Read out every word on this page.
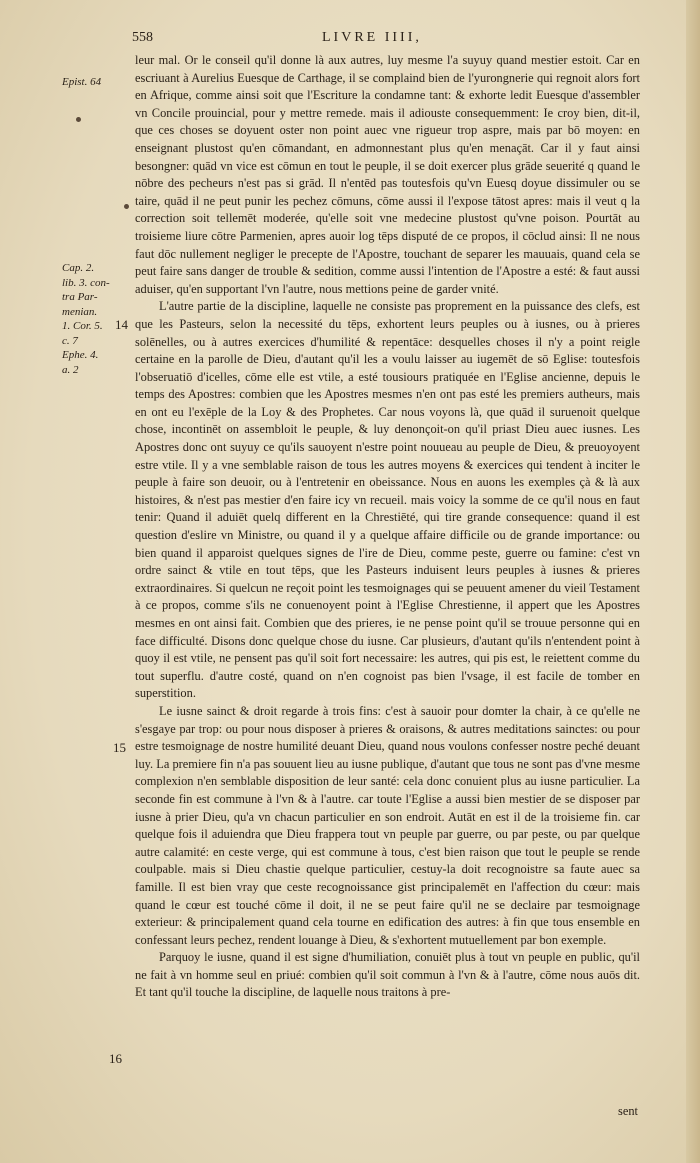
558	LIVRE IIII,
Epist. 64
Cap. 2.
lib. 3. con-
tra Par-
menian.
1. Cor. 5.
c. 7
Ephe. 4.
a. 2
14
15
16

leur mal. Or le conseil qu'il donne là aux autres, luy mesme l'a suyuy quand mestier estoit. Car en escriuant à Aurelius Euesque de Carthage, il se complaind bien de l'yurongnerie qui regnoit alors fort en Afrique, comme ainsi soit que l'Escriture la condamne tant: & exhorte ledit Euesque d'assembler vn Concile prouincial, pour y mettre remede. mais il adiouste consequemment: Ie croy bien, dit-il, que ces choses se doyuent oster non point auec vne rigueur trop aspre, mais par bō moyen: en enseignant plustost qu'en cōmandant, en admonnestant plus qu'en menaçāt. Car il y faut ainsi besongner: quād vn vice est cōmun en tout le peuple, il se doit exercer plus grāde seuerité q quand le nōbre des pecheurs n'est pas si grād. Il n'entēd pas toutesfois qu'vn Euesq doyue dissimuler ou se taire, quād il ne peut punir les pechez cōmuns, cōme aussi il l'expose tātost apres: mais il veut q la correction soit tellemēt moderée, qu'elle soit vne medecine plustost qu'vne poison. Pourtāt au troisieme liure cōtre Parmenien, apres auoir log tēps disputé de ce propos, il cōclud ainsi: Il ne nous faut dōc nullement negliger le precepte de l'Apostre, touchant de separer les mauuais, quand cela se peut faire sans danger de trouble & sedition, comme aussi l'intention de l'Apostre a esté: & faut aussi aduiser, qu'en supportant l'vn l'autre, nous mettions peine de garder vnité.

L'autre partie de la discipline, laquelle ne consiste pas proprement en la puissance des clefs, est que les Pasteurs, selon la necessité du tēps, exhortent leurs peuples ou à iusnes, ou à prieres solēnelles, ou à autres exercices d'humilité & repentāce: desquelles choses il n'y a point reigle certaine en la parolle de Dieu, d'autant qu'il les a voulu laisser au iugemēt de sō Eglise: toutesfois l'obseruatiō d'icelles, cōme elle est vtile, a esté tousiours pratiquée en l'Eglise ancienne, depuis le temps des Apostres: combien que les Apostres mesmes n'en ont pas esté les premiers autheurs, mais en ont eu l'exēple de la Loy & des Prophetes. Car nous voyons là, que quād il suruenoit quelque chose, incontinēt on assembloit le peuple, & luy denonçoit-on qu'il priast Dieu auec iusnes. Les Apostres donc ont suyuy ce qu'ils sauoyent n'estre point nouueau au peuple de Dieu, & preuoyoyent estre vtile. Il y a vne semblable raison de tous les autres moyens & exercices qui tendent à inciter le peuple à faire son deuoir, ou à l'entretenir en obeissance. Nous en auons les exemples çà & là aux histoires, & n'est pas mestier d'en faire icy vn recueil. mais voicy la somme de ce qu'il nous en faut tenir: Quand il aduiēt quelq different en la Chrestiēté, qui tire grande consequence: quand il est question d'eslire vn Ministre, ou quand il y a quelque affaire difficile ou de grande importance: ou bien quand il apparoist quelques signes de l'ire de Dieu, comme peste, guerre ou famine: c'est vn ordre sainct & vtile en tout tēps, que les Pasteurs induisent leurs peuples à iusnes & prieres extraordinaires. Si quelcun ne reçoit point les tesmoignages qui se peuuent amener du vieil Testament à ce propos, comme s'ils ne conuenoyent point à l'Eglise Chrestienne, il appert que les Apostres mesmes en ont ainsi fait. Combien que des prieres, ie ne pense point qu'il se trouue personne qui en face difficulté. Disons donc quelque chose du iusne. Car plusieurs, d'autant qu'ils n'entendent point à quoy il est vtile, ne pensent pas qu'il soit fort necessaire: les autres, qui pis est, le reiettent comme du tout superflu. d'autre costé, quand on n'en cognoist pas bien l'vsage, il est facile de tomber en superstition.

Le iusne sainct & droit regarde à trois fins: c'est à sauoir pour domter la chair, à ce qu'elle ne s'esgaye par trop: ou pour nous disposer à prieres & oraisons, & autres meditations sainctes: ou pour estre tesmoignage de nostre humilité deuant Dieu, quand nous voulons confesser nostre peché deuant luy. La premiere fin n'a pas souuent lieu au iusne publique, d'autant que tous ne sont pas d'vne mesme complexion n'en semblable disposition de leur santé: cela donc conuient plus au iusne particulier. La seconde fin est commune à l'vn & à l'autre. car toute l'Eglise a aussi bien mestier de se disposer par iusne à prier Dieu, qu'a vn chacun particulier en son endroit. Autāt en est il de la troisieme fin. car quelque fois il aduiendra que Dieu frappera tout vn peuple par guerre, ou par peste, ou par quelque autre calamité: en ceste verge, qui est commune à tous, c'est bien raison que tout le peuple se rende coulpable. mais si Dieu chastie quelque particulier, cestuy-la doit recognoistre sa faute auec sa famille. Il est bien vray que ceste recognoissance gist principalemēt en l'affection du cœur: mais quand le cœur est touché cōme il doit, il ne se peut faire qu'il ne se declaire par tesmoignage exterieur: & principalement quand cela tourne en edification des autres: à fin que tous ensemble en confessant leurs pechez, rendent louange à Dieu, & s'exhortent mutuellement par bon exemple.

Parquoy le iusne, quand il est signe d'humiliation, conuiēt plus à tout vn peuple en public, qu'il ne fait à vn homme seul en priué: combien qu'il soit commun à l'vn & à l'autre, cōme nous auōs dit. Et tant qu'il touche la discipline, de laquelle nous traitons à pre-

sent
